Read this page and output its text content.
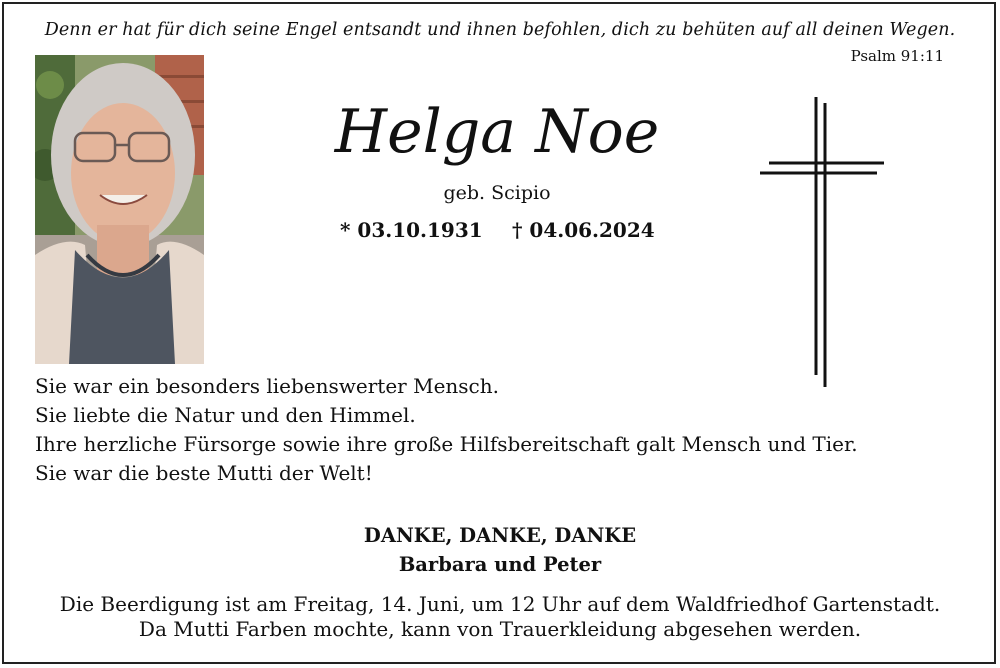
Denn er hat für dich seine Engel entsandt und ihnen befohlen, dich zu behüten auf all deinen Wegen.
Psalm 91:11
Helga Noe
geb. Scipio
* 03.10.1931 † 04.06.2024
Sie war ein besonders liebenswerter Mensch.
Sie liebte die Natur und den Himmel.
Ihre herzliche Fürsorge sowie ihre große Hilfsbereitschaft galt Mensch und Tier.
Sie war die beste Mutti der Welt!
DANKE, DANKE, DANKE
Barbara und Peter
Die Beerdigung ist am Freitag, 14. Juni, um 12 Uhr auf dem Waldfriedhof Gartenstadt.
Da Mutti Farben mochte, kann von Trauerkleidung abgesehen werden.
